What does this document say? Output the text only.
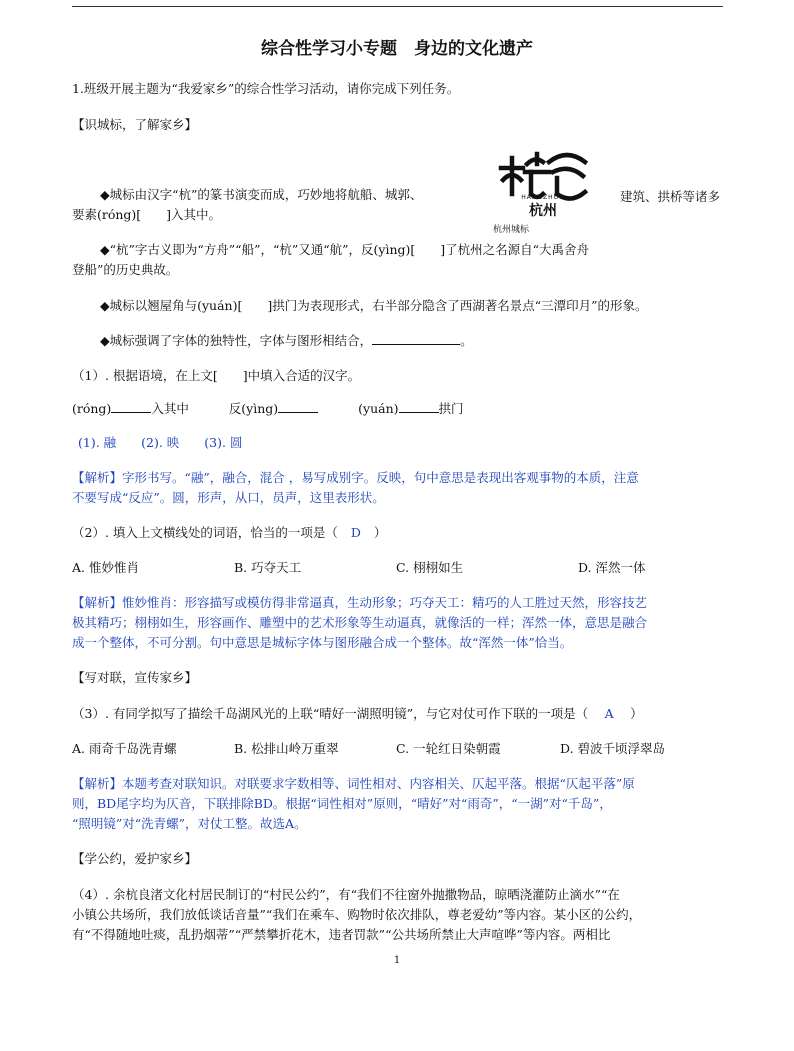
综合性学习小专题　身边的文化遗产
1.班级开展主题为“我爱家乡”的综合性学习活动，请你完成下列任务。
【识城标，了解家乡】
HANGZHOU
杭州
杭州城标
◆城标由汉字“杭”的篆书演变而成，巧妙地将航船、城郭、	建筑、拱桥等诸多
要素(róng)[　　]入其中。
◆“杭”字古义即为“方舟”“船”，“杭”又通“航”，反(yìng)[　　]了杭州之名源自“大禹舍舟
登船”的历史典故。
◆城标以翘屋角与(yuán)[　　]拱门为表现形式，右半部分隐含了西湖著名景点“三潭印月”的形象。
◆城标强调了字体的独特性，字体与图形相结合，	。
（1）. 根据语境，在上文[　　]中填入合适的汉字。
(róng)	入其中	反(yìng)	(yuán)	拱门
(1). 融　　(2). 映　　(3). 圆
【解析】字形书写。“融”，融合，混合 ，易写成别字。反映，句中意思是表现出客观事物的本质，注意
不要写成“反应”。圆，形声，从口，员声，这里表形状。
（2）. 填入上文横线处的词语，恰当的一项是（ D ）
A. 惟妙惟肖	B. 巧夺天工	C. 栩栩如生	D. 浑然一体
【解析】惟妙惟肖：形容描写或模仿得非常逼真，生动形象；巧夺天工：精巧的人工胜过天然，形容技艺
极其精巧；栩栩如生，形容画作、雕塑中的艺术形象等生动逼真，就像活的一样；浑然一体，意思是融合
成一个整体，不可分割。句中意思是城标字体与图形融合成一个整体。故“浑然一体”恰当。
【写对联，宣传家乡】
（3）. 有同学拟写了描绘千岛湖风光的上联“晴好一湖照明镜”，与它对仗可作下联的一项是（ A ）
A. 雨奇千岛洗青螺	B. 松排山岭万重翠	C. 一轮红日染朝霞	D. 碧波千顷浮翠岛
【解析】本题考查对联知识。对联要求字数相等、词性相对、内容相关、仄起平落。根据“仄起平落”原
则，BD尾字均为仄音，下联排除BD。根据“词性相对”原则，“晴好”对“雨奇”，“一湖”对“千岛”，
“照明镜”对“洗青螺”，对仗工整。故选A。
【学公约，爱护家乡】
（4）. 余杭良渚文化村居民制订的“村民公约”，有“我们不往窗外抛撒物品，晾晒浇灌防止滴水”“在
小镇公共场所，我们放低谈话音量”“我们在乘车、购物时依次排队，尊老爱幼”等内容。某小区的公约，
有“不得随地吐痰，乱扔烟蒂”“严禁攀折花木，违者罚款”“公共场所禁止大声喧哗”等内容。两相比
1
